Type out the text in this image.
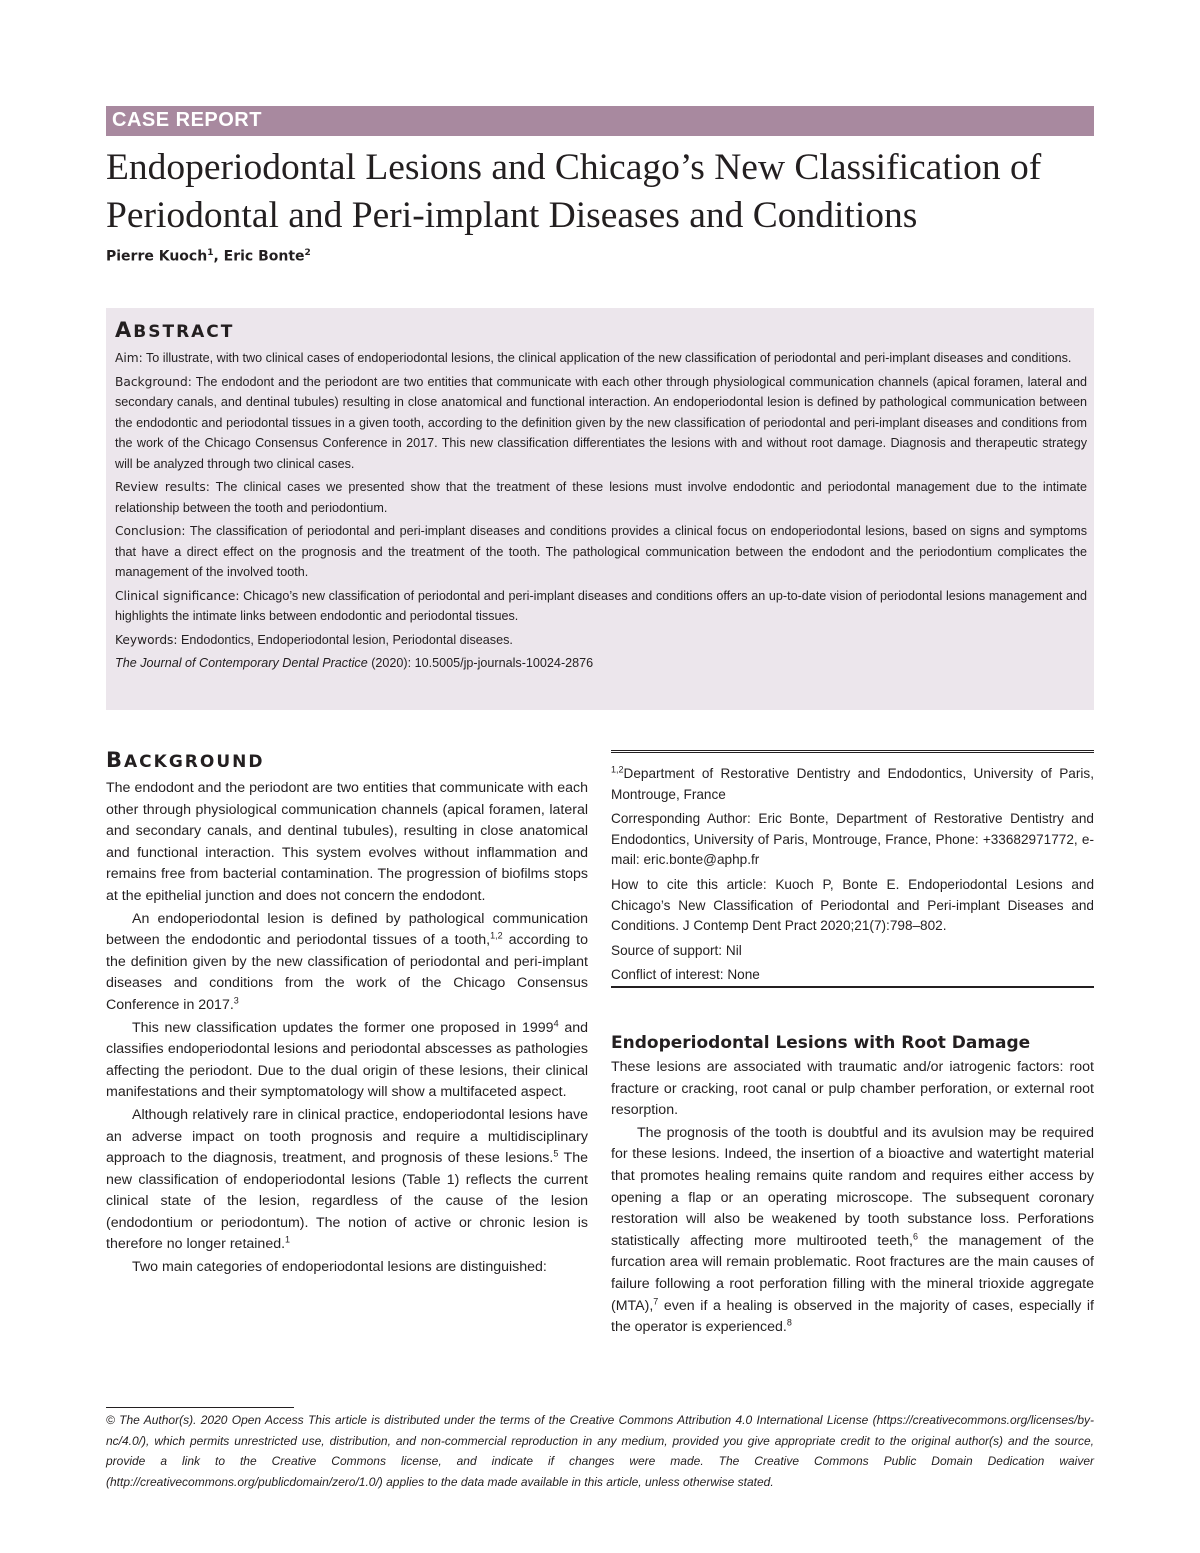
CASE REPORT
Endoperiodontal Lesions and Chicago’s New Classification of Periodontal and Peri-implant Diseases and Conditions
Pierre Kuoch$^1$, Eric Bonte$^2$
ABSTRACT

Aim: To illustrate, with two clinical cases of endoperiodontal lesions, the clinical application of the new classification of periodontal and peri-implant diseases and conditions.

Background: The endodont and the periodont are two entities that communicate with each other through physiological communication channels (apical foramen, lateral and secondary canals, and dentinal tubules) resulting in close anatomical and functional interaction. An endoperiodontal lesion is defined by pathological communication between the endodontic and periodontal tissues in a given tooth, according to the definition given by the new classification of periodontal and peri-implant diseases and conditions from the work of the Chicago Consensus Conference in 2017. This new classification differentiates the lesions with and without root damage. Diagnosis and therapeutic strategy will be analyzed through two clinical cases.

Review results: The clinical cases we presented show that the treatment of these lesions must involve endodontic and periodontal management due to the intimate relationship between the tooth and periodontium.

Conclusion: The classification of periodontal and peri-implant diseases and conditions provides a clinical focus on endoperiodontal lesions, based on signs and symptoms that have a direct effect on the prognosis and the treatment of the tooth. The pathological communication between the endodont and the periodontium complicates the management of the involved tooth.

Clinical significance: Chicago’s new classification of periodontal and peri-implant diseases and conditions offers an up-to-date vision of periodontal lesions management and highlights the intimate links between endodontic and periodontal tissues.

Keywords: Endodontics, Endoperiodontal lesion, Periodontal diseases.

The Journal of Contemporary Dental Practice (2020): 10.5005/jp-journals-10024-2876

BACKGROUND

The endodont and the periodont are two entities that communicate with each other through physiological communication channels (apical foramen, lateral and secondary canals, and dentinal tubules), resulting in close anatomical and functional interaction. This system evolves without inflammation and remains free from bacterial contamination. The progression of biofilms stops at the epithelial junction and does not concern the endodont.

An endoperiodontal lesion is defined by pathological communication between the endodontic and periodontal tissues of a tooth,$^{1,2}$ according to the definition given by the new classification of periodontal and peri-implant diseases and conditions from the work of the Chicago Consensus Conference in 2017.$^3$

This new classification updates the former one proposed in 1999$^4$ and classifies endoperiodontal lesions and periodontal abscesses as pathologies affecting the periodont. Due to the dual origin of these lesions, their clinical manifestations and their symptomatology will show a multifaceted aspect.

Although relatively rare in clinical practice, endoperiodontal lesions have an adverse impact on tooth prognosis and require a multidisciplinary approach to the diagnosis, treatment, and prognosis of these lesions.$^5$ The new classification of endoperiodontal lesions (Table 1) reflects the current clinical state of the lesion, regardless of the cause of the lesion (endodontium or periodontum). The notion of active or chronic lesion is therefore no longer retained.$^1$

Two main categories of endoperiodontal lesions are distinguished:

$^{1,2}$Department of Restorative Dentistry and Endodontics, University of Paris, Montrouge, France

Corresponding Author: Eric Bonte, Department of Restorative Dentistry and Endodontics, University of Paris, Montrouge, France, Phone: +33682971772, e-mail: eric.bonte@aphp.fr

How to cite this article: Kuoch P, Bonte E. Endoperiodontal Lesions and Chicago’s New Classification of Periodontal and Peri-implant Diseases and Conditions. J Contemp Dent Pract 2020;21(7):798–802.

Source of support: Nil

Conflict of interest: None

Endoperiodontal Lesions with Root Damage

These lesions are associated with traumatic and/or iatrogenic factors: root fracture or cracking, root canal or pulp chamber perforation, or external root resorption.

The prognosis of the tooth is doubtful and its avulsion may be required for these lesions. Indeed, the insertion of a bioactive and watertight material that promotes healing remains quite random and requires either access by opening a flap or an operating microscope. The subsequent coronary restoration will also be weakened by tooth substance loss. Perforations statistically affecting more multirooted teeth,$^6$ the management of the furcation area will remain problematic. Root fractures are the main causes of failure following a root perforation filling with the mineral trioxide aggregate (MTA),$^7$ even if a healing is observed in the majority of cases, especially if the operator is experienced.$^8$

© The Author(s). 2020 Open Access This article is distributed under the terms of the Creative Commons Attribution 4.0 International License (https://creativecommons.org/licenses/by-nc/4.0/), which permits unrestricted use, distribution, and non-commercial reproduction in any medium, provided you give appropriate credit to the original author(s) and the source, provide a link to the Creative Commons license, and indicate if changes were made. The Creative Commons Public Domain Dedication waiver (http://creativecommons.org/publicdomain/zero/1.0/) applies to the data made available in this article, unless otherwise stated.
